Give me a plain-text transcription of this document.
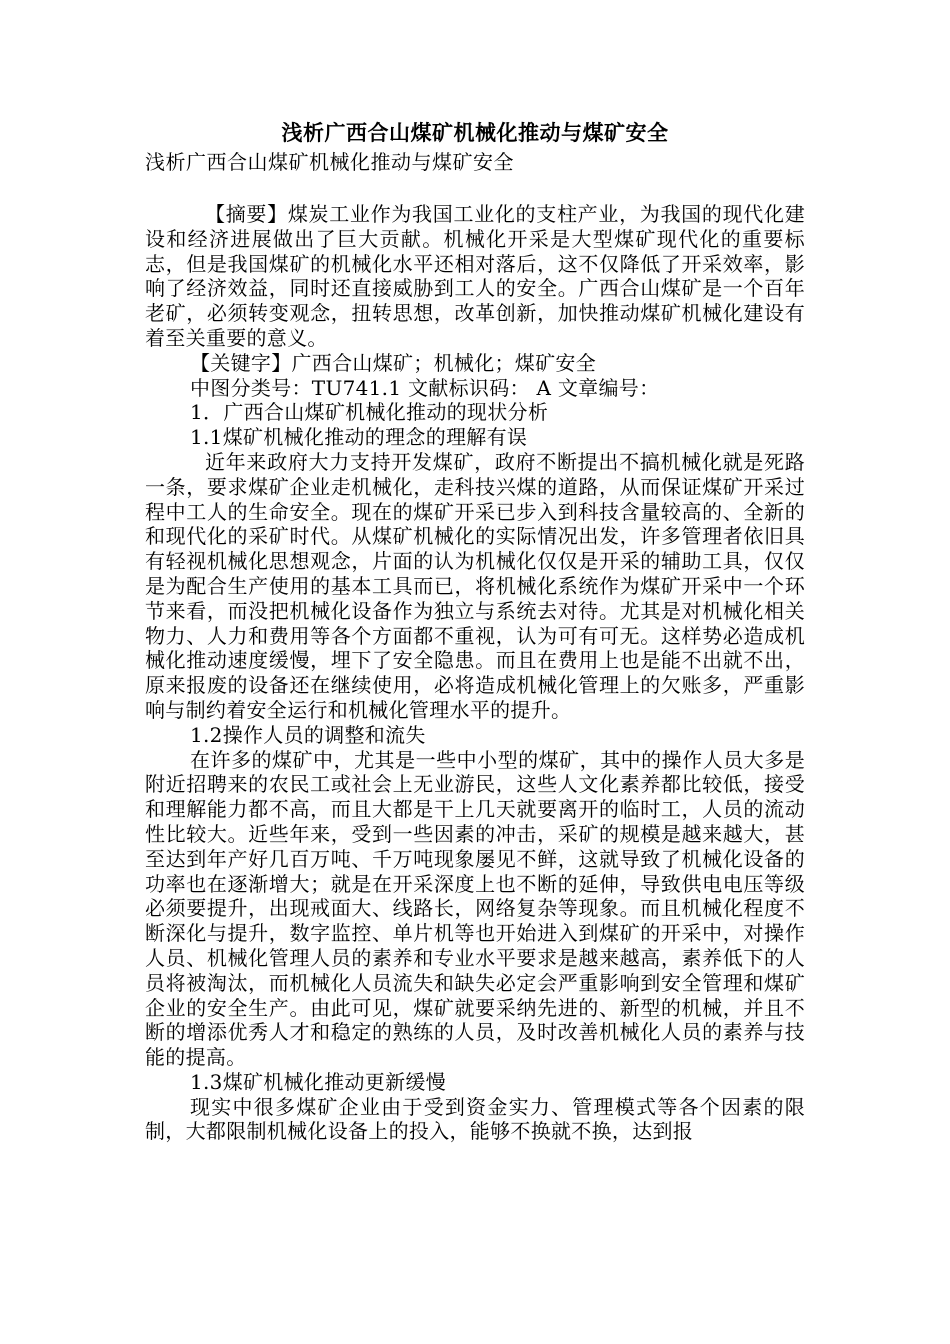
浅析广西合山煤矿机械化推动与煤矿安全

浅析广西合山煤矿机械化推动与煤矿安全

【摘要】煤炭工业作为我国工业化的支柱产业，为我国的现代化建设和经济进展做出了巨大贡献。机械化开采是大型煤矿现代化的重要标志，但是我国煤矿的机械化水平还相对落后，这不仅降低了开采效率，影响了经济效益，同时还直接威胁到工人的安全。广西合山煤矿是一个百年老矿，必须转变观念，扭转思想，改革创新，加快推动煤矿机械化建设有着至关重要的意义。

【关键字】广西合山煤矿；机械化；煤矿安全

中图分类号：TU741.1 文献标识码： A 文章编号：

1．广西合山煤矿机械化推动的现状分析

1.1煤矿机械化推动的理念的理解有误

近年来政府大力支持开发煤矿，政府不断提出不搞机械化就是死路一条，要求煤矿企业走机械化，走科技兴煤的道路，从而保证煤矿开采过程中工人的生命安全。现在的煤矿开采已步入到科技含量较高的、全新的和现代化的采矿时代。从煤矿机械化的实际情况出发，许多管理者依旧具有轻视机械化思想观念，片面的认为机械化仅仅是开采的辅助工具，仅仅是为配合生产使用的基本工具而已，将机械化系统作为煤矿开采中一个环节来看，而没把机械化设备作为独立与系统去对待。尤其是对机械化相关物力、人力和费用等各个方面都不重视，认为可有可无。这样势必造成机械化推动速度缓慢，埋下了安全隐患。而且在费用上也是能不出就不出，原来报废的设备还在继续使用，必将造成机械化管理上的欠账多，严重影响与制约着安全运行和机械化管理水平的提升。

1.2操作人员的调整和流失

在许多的煤矿中，尤其是一些中小型的煤矿，其中的操作人员大多是附近招聘来的农民工或社会上无业游民，这些人文化素养都比较低，接受和理解能力都不高，而且大都是干上几天就要离开的临时工，人员的流动性比较大。近些年来，受到一些因素的冲击，采矿的规模是越来越大，甚至达到年产好几百万吨、千万吨现象屡见不鲜，这就导致了机械化设备的功率也在逐渐增大；就是在开采深度上也不断的延伸，导致供电电压等级必须要提升，出现戒面大、线路长，网络复杂等现象。而且机械化程度不断深化与提升，数字监控、单片机等也开始进入到煤矿的开采中，对操作人员、机械化管理人员的素养和专业水平要求是越来越高，素养低下的人员将被淘汰，而机械化人员流失和缺失必定会严重影响到安全管理和煤矿企业的安全生产。由此可见，煤矿就要采纳先进的、新型的机械，并且不断的增添优秀人才和稳定的熟练的人员，及时改善机械化人员的素养与技能的提高。

1.3煤矿机械化推动更新缓慢

现实中很多煤矿企业由于受到资金实力、管理模式等各个因素的限制，大都限制机械化设备上的投入，能够不换就不换，达到报
